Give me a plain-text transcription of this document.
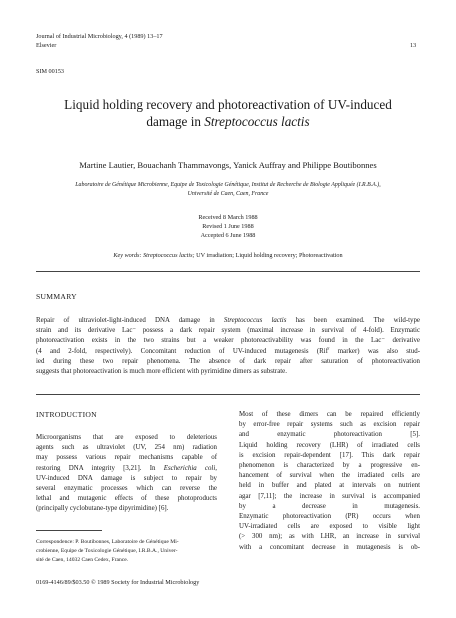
Journal of Industrial Microbiology, 4 (1989) 13–17
Elsevier	13
SIM 00153
Liquid holding recovery and photoreactivation of UV-induced
damage in Streptococcus lactis
Martine Lautier, Bouachanh Thammavongs, Yanick Auffray and Philippe Boutibonnes
Laboratoire de Génétique Microbienne, Equipe de Toxicologie Génétique, Institut de Recherche de Biologie Appliquée (I.R.B.A.),
Université de Caen, Caen, France
Received 8 March 1988
Revised 1 June 1988
Accepted 6 June 1988
Key words: Streptococcus lactis; UV irradiation; Liquid holding recovery; Photoreactivation
SUMMARY
Repair of ultraviolet-light-induced DNA damage in Streptococcus lactis has been examined. The wild-type
strain and its derivative Lac⁻ possess a dark repair system (maximal increase in survival of 4-fold). Enzymatic
photoreactivation exists in the two strains but a weaker photoreactivability was found in the Lac⁻ derivative
(4 and 2-fold, respectively). Concomitant reduction of UV-induced mutagenesis (Rif$^r$ marker) was also stud-
ied during these two repair phenomena. The absence of dark repair after saturation of photoreactivation
suggests that photoreactivation is much more efficient with pyrimidine dimers as substrate.
INTRODUCTION
Microorganisms that are exposed to deleterious
agents such as ultraviolet (UV, 254 nm) radiation
may possess various repair mechanisms capable of
restoring DNA integrity [3,21]. In Escherichia coli,
UV-induced DNA damage is subject to repair by
several enzymatic processes which can reverse the
lethal and mutagenic effects of these photoproducts
(principally cyclobutane-type dipyrimidine) [6].
Most of these dimers can be repaired efficiently
by error-free repair systems such as excision repair
and enzymatic photoreactivation [5].
Liquid holding recovery (LHR) of irradiated cells
is excision repair-dependent [17]. This dark repair
phenomenon is characterized by a progressive en-
hancement of survival when the irradiated cells are
held in buffer and plated at intervals on nutrient
agar [7,11]; the increase in survival is accompanied
by a decrease in mutagenesis.
Enzymatic photoreactivation (PR) occurs when
UV-irradiated cells are exposed to visible light
(> 300 nm); as with LHR, an increase in survival
with a concomitant decrease in mutagenesis is ob-
Correspondence: P. Boutibonnes, Laboratoire de Génétique Mi-
crobienne, Equipe de Toxicologie Génétique, I.R.B.A., Univer-
sité de Caen, 14032 Caen Cedex, France.
0169-4146/89/$03.50 © 1989 Society for Industrial Microbiology
